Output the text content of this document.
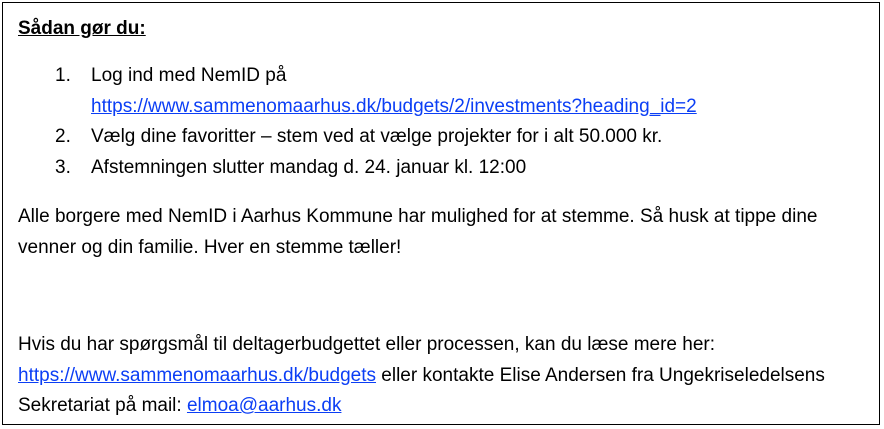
Sådan gør du:
1. Log ind med NemID på
https://www.sammenomaarhus.dk/budgets/2/investments?heading_id=2
2. Vælg dine favoritter – stem ved at vælge projekter for i alt 50.000 kr.
3. Afstemningen slutter mandag d. 24. januar kl. 12:00

Alle borgere med NemID i Aarhus Kommune har mulighed for at stemme. Så husk at tippe dine venner og din familie. Hver en stemme tæller!

Hvis du har spørgsmål til deltagerbudgettet eller processen, kan du læse mere her: https://www.sammenomaarhus.dk/budgets eller kontakte Elise Andersen fra Ungekriseledelsens Sekretariat på mail: elmoa@aarhus.dk
